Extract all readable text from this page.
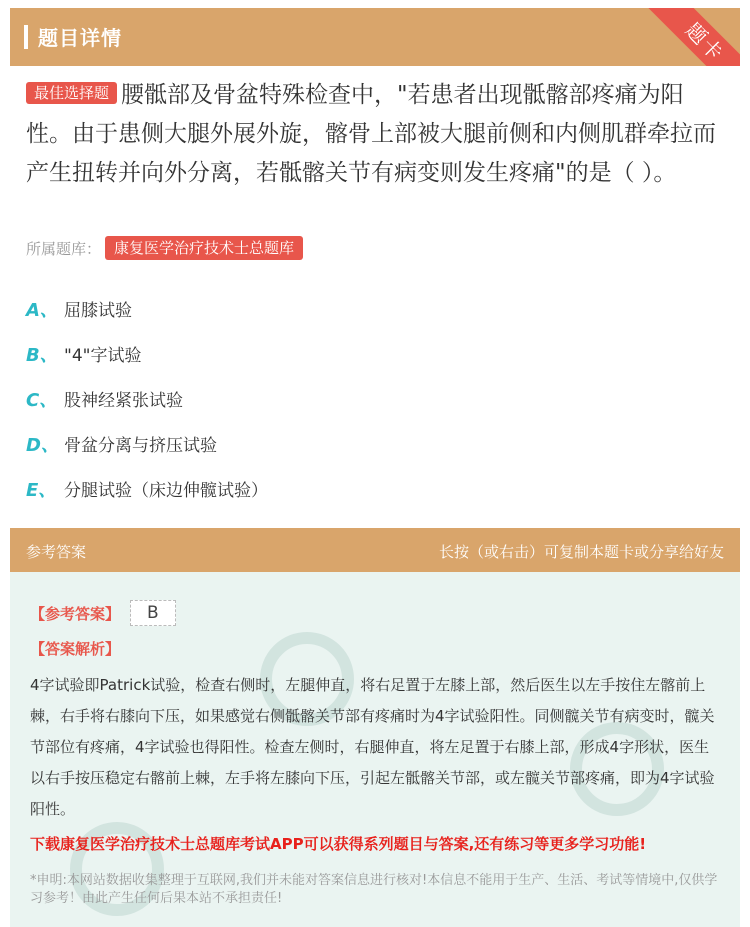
题目详情	题卡
最佳选择题 腰骶部及骨盆特殊检查中，"若患者出现骶髂部疼痛为阳性。由于患侧大腿外展外旋，髂骨上部被大腿前侧和内侧肌群牵拉而产生扭转并向外分离，若骶髂关节有病变则发生疼痛"的是（ ）。
所属题库： 康复医学治疗技术士总题库
A、 屈膝试验
B、 "4"字试验
C、 股神经紧张试验
D、 骨盆分离与挤压试验
E、 分腿试验（床边伸髋试验）
参考答案	长按（或右击）可复制本题卡或分享给好友
【参考答案】	B
【答案解析】
4字试验即Patrick试验，检查右侧时，左腿伸直，将右足置于左膝上部，然后医生以左手按住左髂前上棘，右手将右膝向下压，如果感觉右侧骶髂关节部有疼痛时为4字试验阳性。同侧髋关节有病变时，髋关节部位有疼痛，4字试验也得阳性。检查左侧时，右腿伸直，将左足置于右膝上部，形成4字形状，医生以右手按压稳定右髂前上棘，左手将左膝向下压，引起左骶髂关节部，或左髋关节部疼痛，即为4字试验阳性。
下载康复医学治疗技术士总题库考试APP可以获得系列题目与答案,还有练习等更多学习功能!
*申明:本网站数据收集整理于互联网,我们并未能对答案信息进行核对!本信息不能用于生产、生活、考试等情境中,仅供学习参考！由此产生任何后果本站不承担责任!
